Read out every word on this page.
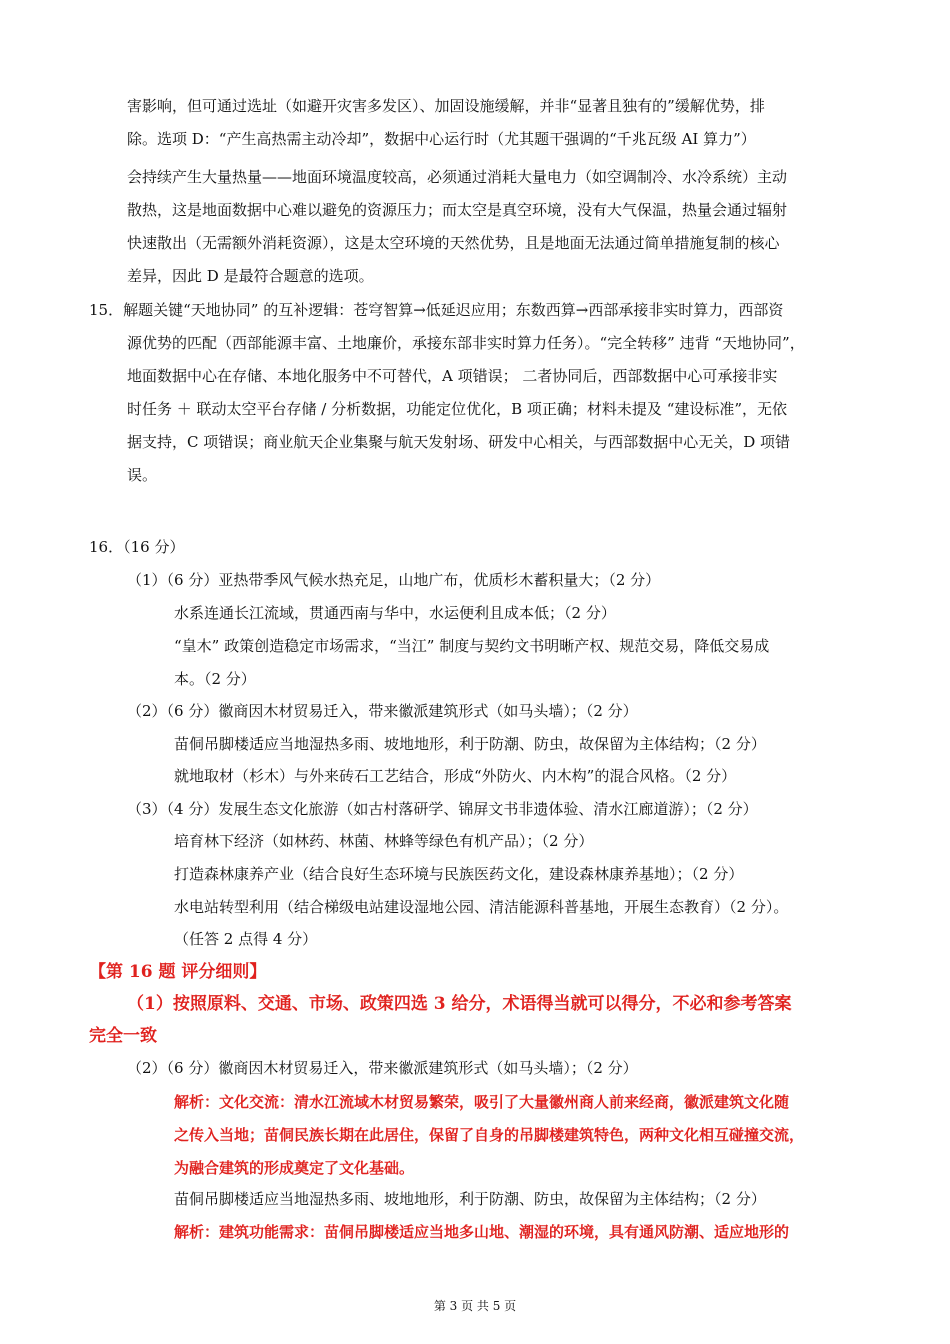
害影响，但可通过选址（如避开灾害多发区）、加固设施缓解，并非“显著且独有的”缓解优势，排
除。选项 D：“产生高热需主动冷却”，数据中心运行时（尤其题干强调的“千兆瓦级 AI 算力”）
会持续产生大量热量——地面环境温度较高，必须通过消耗大量电力（如空调制冷、水冷系统）主动
散热，这是地面数据中心难以避免的资源压力；而太空是真空环境，没有大气保温，热量会通过辐射
快速散出（无需额外消耗资源），这是太空环境的天然优势，且是地面无法通过简单措施复制的核心
差异，因此 D 是最符合题意的选项。
15．解题关键“天地协同” 的互补逻辑：苍穹智算→低延迟应用；东数西算→西部承接非实时算力，西部资
源优势的匹配（西部能源丰富、土地廉价，承接东部非实时算力任务）。“完全转移” 违背 “天地协同”，
地面数据中心在存储、本地化服务中不可替代，A 项错误； 二者协同后，西部数据中心可承接非实
时任务 ＋ 联动太空平台存储 / 分析数据，功能定位优化，B 项正确；材料未提及 “建设标准”，无依
据支持，C 项错误；商业航天企业集聚与航天发射场、研发中心相关，与西部数据中心无关，D 项错
误。
16．（16 分）
（1）（6 分）亚热带季风气候水热充足，山地广布，优质杉木蓄积量大；（2 分）
水系连通长江流域，贯通西南与华中，水运便利且成本低；（2 分）
“皇木” 政策创造稳定市场需求，“当江” 制度与契约文书明晰产权、规范交易，降低交易成
本。（2 分）
（2）（6 分）徽商因木材贸易迁入，带来徽派建筑形式（如马头墙）；（2 分）
苗侗吊脚楼适应当地湿热多雨、坡地地形，利于防潮、防虫，故保留为主体结构；（2 分）
就地取材（杉木）与外来砖石工艺结合，形成“外防火、内木构”的混合风格。（2 分）
（3）（4 分）发展生态文化旅游（如古村落研学、锦屏文书非遗体验、清水江廊道游）；（2 分）
培育林下经济（如林药、林菌、林蜂等绿色有机产品）；（2 分）
打造森林康养产业（结合良好生态环境与民族医药文化，建设森林康养基地）；（2 分）
水电站转型利用（结合梯级电站建设湿地公园、清洁能源科普基地，开展生态教育）（2 分）。
（任答 2 点得 4 分）
【第 16 题 评分细则】
（1）按照原料、交通、市场、政策四选 3 给分，术语得当就可以得分，不必和参考答案
完全一致
（2）（6 分）徽商因木材贸易迁入，带来徽派建筑形式（如马头墙）；（2 分）
解析：文化交流：清水江流域木材贸易繁荣，吸引了大量徽州商人前来经商，徽派建筑文化随
之传入当地；苗侗民族长期在此居住，保留了自身的吊脚楼建筑特色，两种文化相互碰撞交流，
为融合建筑的形成奠定了文化基础。
苗侗吊脚楼适应当地湿热多雨、坡地地形，利于防潮、防虫，故保留为主体结构；（2 分）
解析：建筑功能需求：苗侗吊脚楼适应当地多山地、潮湿的环境，具有通风防潮、适应地形的
第 3 页 共 5 页
